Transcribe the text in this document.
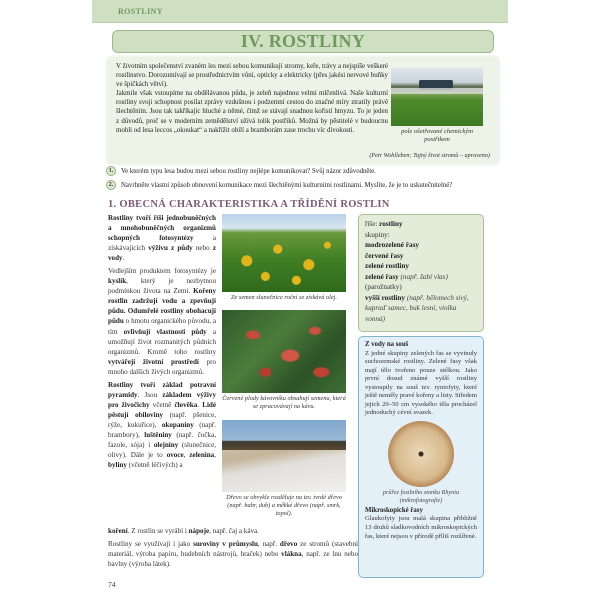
ROSTLINY
IV. ROSTLINY
V životním společenství zvaném les mezi sebou komunikují stromy, keře, trávy a nejspíše veškeré rostlinstvo. Dorozumívají se prostřednictvím vůní, opticky a elektricky (přes jakési nervové buňky ve špičkách větví).
Jakmile však vstoupíme na obdělávanou půdu, je zeleň najednou velmi mlčenlivá. Naše kulturní rostliny svoji schopnost posílat zprávy vzdušnou i podzemní cestou do značné míry ztratily právě šlechtěním. Jsou tak takříkajíc hluché a němé, čímž se stávají snadnou kořistí hmyzu. To je jeden z důvodů, proč se v moderním zemědělství užívá tolik postřiků. Možná by pěstitelé v budoucnu mohli od lesa leccos „okoukat“ a nakřížit obilí a bramborám zase trochu víc divokosti.	pole ošetřované chemickým postřikem
(Petr Wohlleben; Tajný život stromů – upraveno)
1.	Ve kterém typu lesa budou mezi sebou rostliny nejlépe komunikovat? Svůj názor zdůvodněte.
2.	Navrhněte vlastní způsob obnovení komunikace mezi šlechtěnými kulturními rostlinami. Myslíte, že je to uskutečnitelné?
1. OBECNÁ CHARAKTERISTIKA A TŘÍDĚNÍ ROSTLIN

Rostliny tvoří říši jednobuněčných a mnohobuněčných organizmů schopných fotosyntézy a získávajících výživu z půdy nebo z vody.

Vedlejším produktem fotosyntézy je kyslík, který je nezbytnou podmínkou života na Zemi. Kořeny rostlin zadržují vodu a zpevňují půdu. Odumřelé rostliny obohacují půdu o hmotu organického původu, a tím ovlivňují vlastnosti půdy a umožňují život rozmanitých půdních organizmů. Kromě toho rostliny vytvářejí životní prostředí pro mnoho dalších živých organizmů.

Rostliny tvoří základ potravní pyramidy. Jsou základem výživy pro živočichy včetně člověka. Lidé pěstují obiloviny (např. pšenice, rýže, kukuřice), okopaniny (např. brambory), luštěniny (např. čočka, fazole, sója) i olejniny (slunečnice, olivy). Dále je to ovoce, zelenina, byliny (včetně léčivých) a

koření. Z rostlin se vyrábí i nápoje, např. čaj a káva.

Rostliny se využívají i jako suroviny v průmyslu, např. dřevo ze stromů (stavební materiál, výroba papíru, hudebních nástrojů, hraček) nebo vlákna, např. ze lnu nebo bavlny (výroba látek).

Ze semen slunečnice roční se získává olej.
Červené plody kávovníku obsahují semena, která se zpracovávají na kávu.
Dřevo se obvykle rozděluje na tzv. tvrdé dřevo (např. habr, dub) a měkké dřevo (např. smrk, topol).
říše: rostliny
skupiny:
modrozelené řasy
červené řasy
zelené rostliny
zelené řasy (např. žabí vlas)
(parožnatky)
vyšší rostliny (např. bělomech sivý, kapraď samec, buk lesní, violka vonná)
Z vody na souš

Z jedné skupiny zelených řas se vyvinuly suchozemské rostliny. Zelené řasy však mají tělo tvořeno pouze stélkou. Jako první dosud známé vyšší rostliny vystoupily na souš tzv. ryniofyty, které ještě neměly pravé kořeny a listy. Středem jejich 20–50 cm vysokého těla procházel jednoduchý cévní svazek.

průřez fosilního stonku Rhynia (mikrofotografie)
Mikroskopické řasy

Glaukofyty jsou malá skupina přibližně 13 druhů sladkovodních mikroskopických řas, které nejsou v přírodě příliš rozšířené.

74
